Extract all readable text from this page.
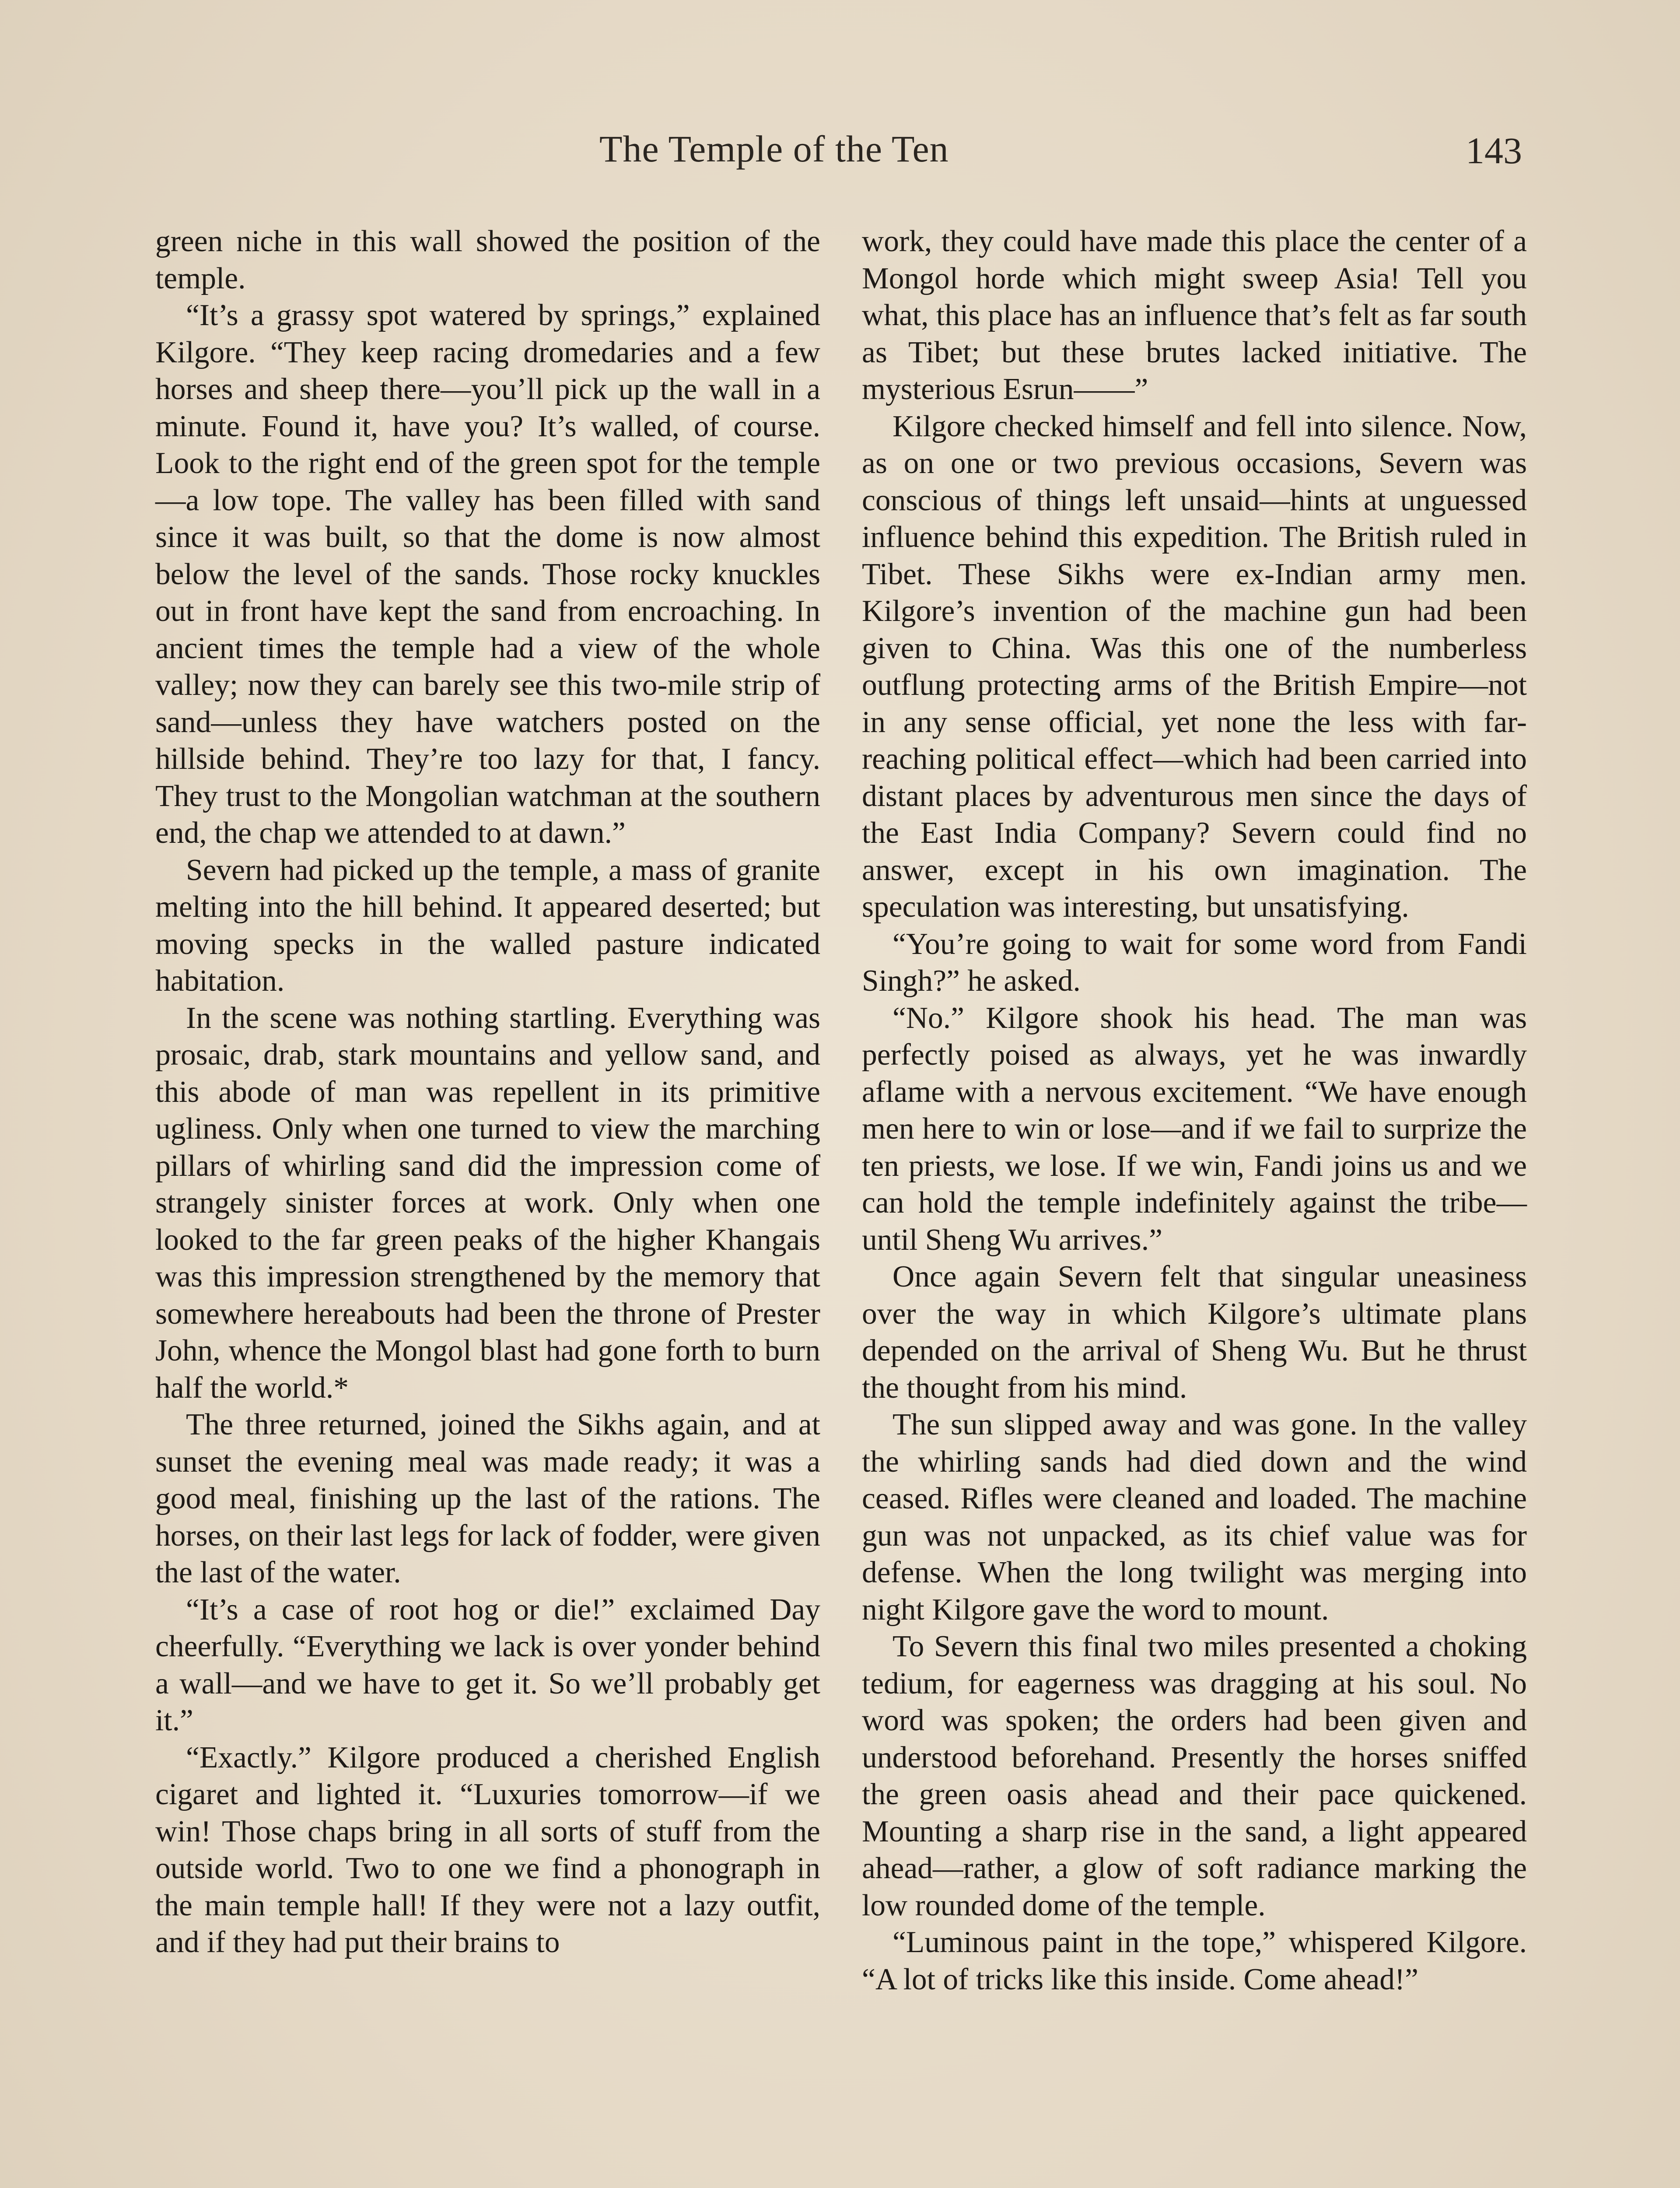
The Temple of the Ten	143

green niche in this wall showed the position of the temple.

“It’s a grassy spot watered by springs,” explained Kilgore. “They keep racing dromedaries and a few horses and sheep there—you’ll pick up the wall in a minute. Found it, have you? It’s walled, of course. Look to the right end of the green spot for the temple—a low tope. The valley has been filled with sand since it was built, so that the dome is now almost below the level of the sands. Those rocky knuckles out in front have kept the sand from encroaching. In ancient times the temple had a view of the whole valley; now they can barely see this two-mile strip of sand—unless they have watchers posted on the hillside behind. They’re too lazy for that, I fancy. They trust to the Mongolian watchman at the southern end, the chap we attended to at dawn.”

Severn had picked up the temple, a mass of granite melting into the hill behind. It appeared deserted; but moving specks in the walled pasture indicated habitation.

In the scene was nothing startling. Everything was prosaic, drab, stark mountains and yellow sand, and this abode of man was repellent in its primitive ugliness. Only when one turned to view the marching pillars of whirling sand did the impression come of strangely sinister forces at work. Only when one looked to the far green peaks of the higher Khangais was this impression strengthened by the memory that somewhere hereabouts had been the throne of Prester John, whence the Mongol blast had gone forth to burn half the world.*

The three returned, joined the Sikhs again, and at sunset the evening meal was made ready; it was a good meal, finishing up the last of the rations. The horses, on their last legs for lack of fodder, were given the last of the water.

“It’s a case of root hog or die!” exclaimed Day cheerfully. “Everything we lack is over yonder behind a wall—and we have to get it. So we’ll probably get it.”

“Exactly.” Kilgore produced a cherished English cigaret and lighted it. “Luxuries tomorrow—if we win! Those chaps bring in all sorts of stuff from the outside world. Two to one we find a phonograph in the main temple hall! If they were not a lazy outfit, and if they had put their brains to

work, they could have made this place the center of a Mongol horde which might sweep Asia! Tell you what, this place has an influence that’s felt as far south as Tibet; but these brutes lacked initiative. The mysterious Esrun——”

Kilgore checked himself and fell into silence. Now, as on one or two previous occasions, Severn was conscious of things left unsaid—hints at unguessed influence behind this expedition. The British ruled in Tibet. These Sikhs were ex-Indian army men. Kilgore’s invention of the machine gun had been given to China. Was this one of the numberless outflung protecting arms of the British Empire—not in any sense official, yet none the less with far-reaching political effect—which had been carried into distant places by adventurous men since the days of the East India Company? Severn could find no answer, except in his own imagination. The speculation was interesting, but unsatisfying.

“You’re going to wait for some word from Fandi Singh?” he asked.

“No.” Kilgore shook his head. The man was perfectly poised as always, yet he was inwardly aflame with a nervous excitement. “We have enough men here to win or lose—and if we fail to surprize the ten priests, we lose. If we win, Fandi joins us and we can hold the temple indefinitely against the tribe—until Sheng Wu arrives.”

Once again Severn felt that singular uneasiness over the way in which Kilgore’s ultimate plans depended on the arrival of Sheng Wu. But he thrust the thought from his mind.

The sun slipped away and was gone. In the valley the whirling sands had died down and the wind ceased. Rifles were cleaned and loaded. The machine gun was not unpacked, as its chief value was for defense. When the long twilight was merging into night Kilgore gave the word to mount.

To Severn this final two miles presented a choking tedium, for eagerness was dragging at his soul. No word was spoken; the orders had been given and understood beforehand. Presently the horses sniffed the green oasis ahead and their pace quickened. Mounting a sharp rise in the sand, a light appeared ahead—rather, a glow of soft radiance marking the low rounded dome of the temple.

“Luminous paint in the tope,” whispered Kilgore. “A lot of tricks like this inside. Come ahead!”
